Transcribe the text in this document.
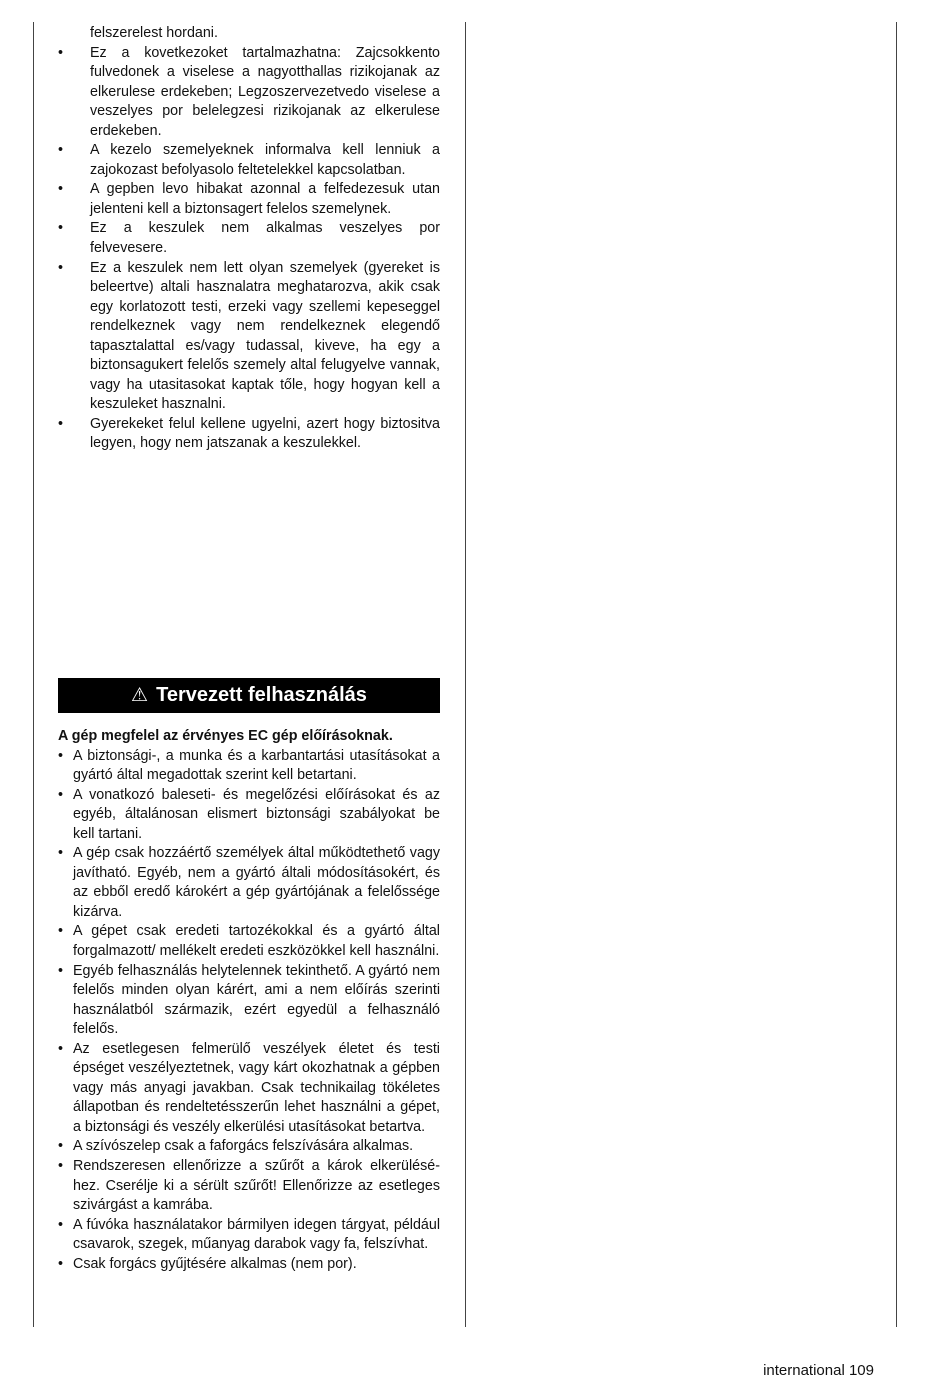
felszerelest hordani.
• Ez a kovetkezoket tartalmazhatna: Zajcsokkento fulvedonek a viselese a nagyotthallas rizikojanak az elkerulese erdekeben; Legzoszervezetvedo viselese a veszelyes por belelegzesi rizikojanak az elkerulese erdekeben.
• A kezelo szemelyeknek informalva kell lenniuk a zajokozast befolyasolo feltetelekkel kapcsolatban.
• A gepben levo hibakat azonnal a felfedezesuk utan jelenteni kell a biztonsagert felelos szemelynek.
• Ez a keszulek nem alkalmas veszelyes por felvevesere.
• Ez a keszulek nem lett olyan szemelyek (gyereket is beleertve) altali hasznalatra meghatarozva, akik csak egy korlatozott testi, erzeki vagy szellemi kepeseggel rendelkeznek vagy nem rendelkeznek elegendő tapasztalattal es/vagy tudassal, kiveve, ha egy a biztonsagukert felelős szemely altal felugyelve vannak, vagy ha utasitasokat kaptak tőle, hogy hogyan kell a keszuleket hasznalni.
• Gyerekeket felul kellene ugyelni, azert hogy biztositva legyen, hogy nem jatszanak a keszulekkel.
⚠ Tervezett felhasználás
A gép megfelel az érvényes EC gép előírásoknak.
• A biztonsági-, a munka és a karbantartási utasításokat a gyártó által megadottak szerint kell betartani.
• A vonatkozó baleseti- és megelőzési előírásokat és az egyéb, általánosan elismert biztonsági szabályokat be kell tartani.
• A gép csak hozzáértő személyek által működtethető vagy javítható. Egyéb, nem a gyártó általi módosításokért, és az ebből eredő károkért a gép gyártójának a felelőssége kizárva.
• A gépet csak eredeti tartozékokkal és a gyártó által forgalmazott/ mellékelt eredeti eszközökkel kell használni.
• Egyéb felhasználás helytelennek tekinthető. A gyártó nem felelős minden olyan kárért, ami a nem előírás szerinti használatból származik, ezért egyedül a felhasználó felelős.
• Az esetlegesen felmerülő veszélyek életet és testi épséget veszélyeztetnek, vagy kárt okozhatnak a gépben vagy más anyagi javakban. Csak technikailag tökéletes állapotban és rendeltetésszerűn lehet használni a gépet, a biztonsági és veszély elkerülési utasításokat betartva.
• A szívószelep csak a faforgács felszívására alkalmas.
• Rendszeresen ellenőrizze a szűrőt a károk elkerülésé-hez. Cserélje ki a sérült szűrőt! Ellenőrizze az esetleges szivárgást a kamrába.
• A fúvóka használatakor bármilyen idegen tárgyat, például csavarok, szegek, műanyag darabok vagy fa, felszívhat.
• Csak forgács gyűjtésére alkalmas (nem por).
international 109
